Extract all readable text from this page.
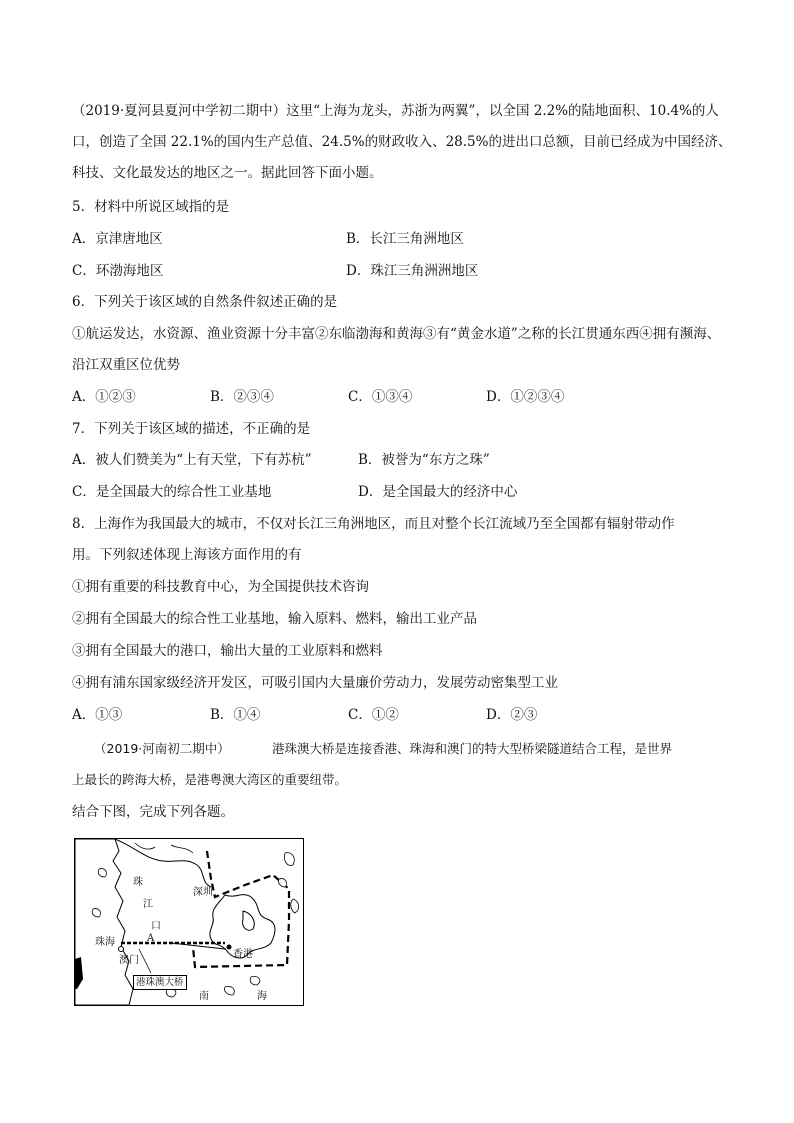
（2019·夏河县夏河中学初二期中）这里“上海为龙头，苏浙为两翼”，以全国 2.2%的陆地面积、10.4%的人
口，创造了全国 22.1%的国内生产总值、24.5%的财政收入、28.5%的进出口总额，目前已经成为中国经济、
科技、文化最发达的地区之一。据此回答下面小题。
5．材料中所说区域指的是
A．京津唐地区	B．长江三角洲地区
C．环渤海地区	D．珠江三角洲洲地区
6．下列关于该区域的自然条件叙述正确的是
①航运发达，水资源、渔业资源十分丰富②东临渤海和黄海③有“黄金水道”之称的长江贯通东西④拥有濒海、
沿江双重区位优势
A．①②③	B．②③④	C．①③④	D．①②③④
7．下列关于该区域的描述，不正确的是
A．被人们赞美为“上有天堂，下有苏杭”	B．被誉为“东方之珠”
C．是全国最大的综合性工业基地	D．是全国最大的经济中心
8．上海作为我国最大的城市，不仅对长江三角洲地区，而且对整个长江流域乃至全国都有辐射带动作
用。下列叙述体现上海该方面作用的有
①拥有重要的科技教育中心，为全国提供技术咨询
②拥有全国最大的综合性工业基地，输入原料、燃料，输出工业产品
③拥有全国最大的港口，输出大量的工业原料和燃料
④拥有浦东国家级经济开发区，可吸引国内大量廉价劳动力，发展劳动密集型工业
A．①③	B．①④	C．①②	D．②③
（2019·河南初二期中）	港珠澳大桥是连接香港、珠海和澳门的特大型桥梁隧道结合工程，是世界
上最长的跨海大桥，是港粤澳大湾区的重要纽带。
结合下图，完成下列各题。
珠
江
口
深圳
珠海
澳门
A
香港
南	海
港珠澳大桥
